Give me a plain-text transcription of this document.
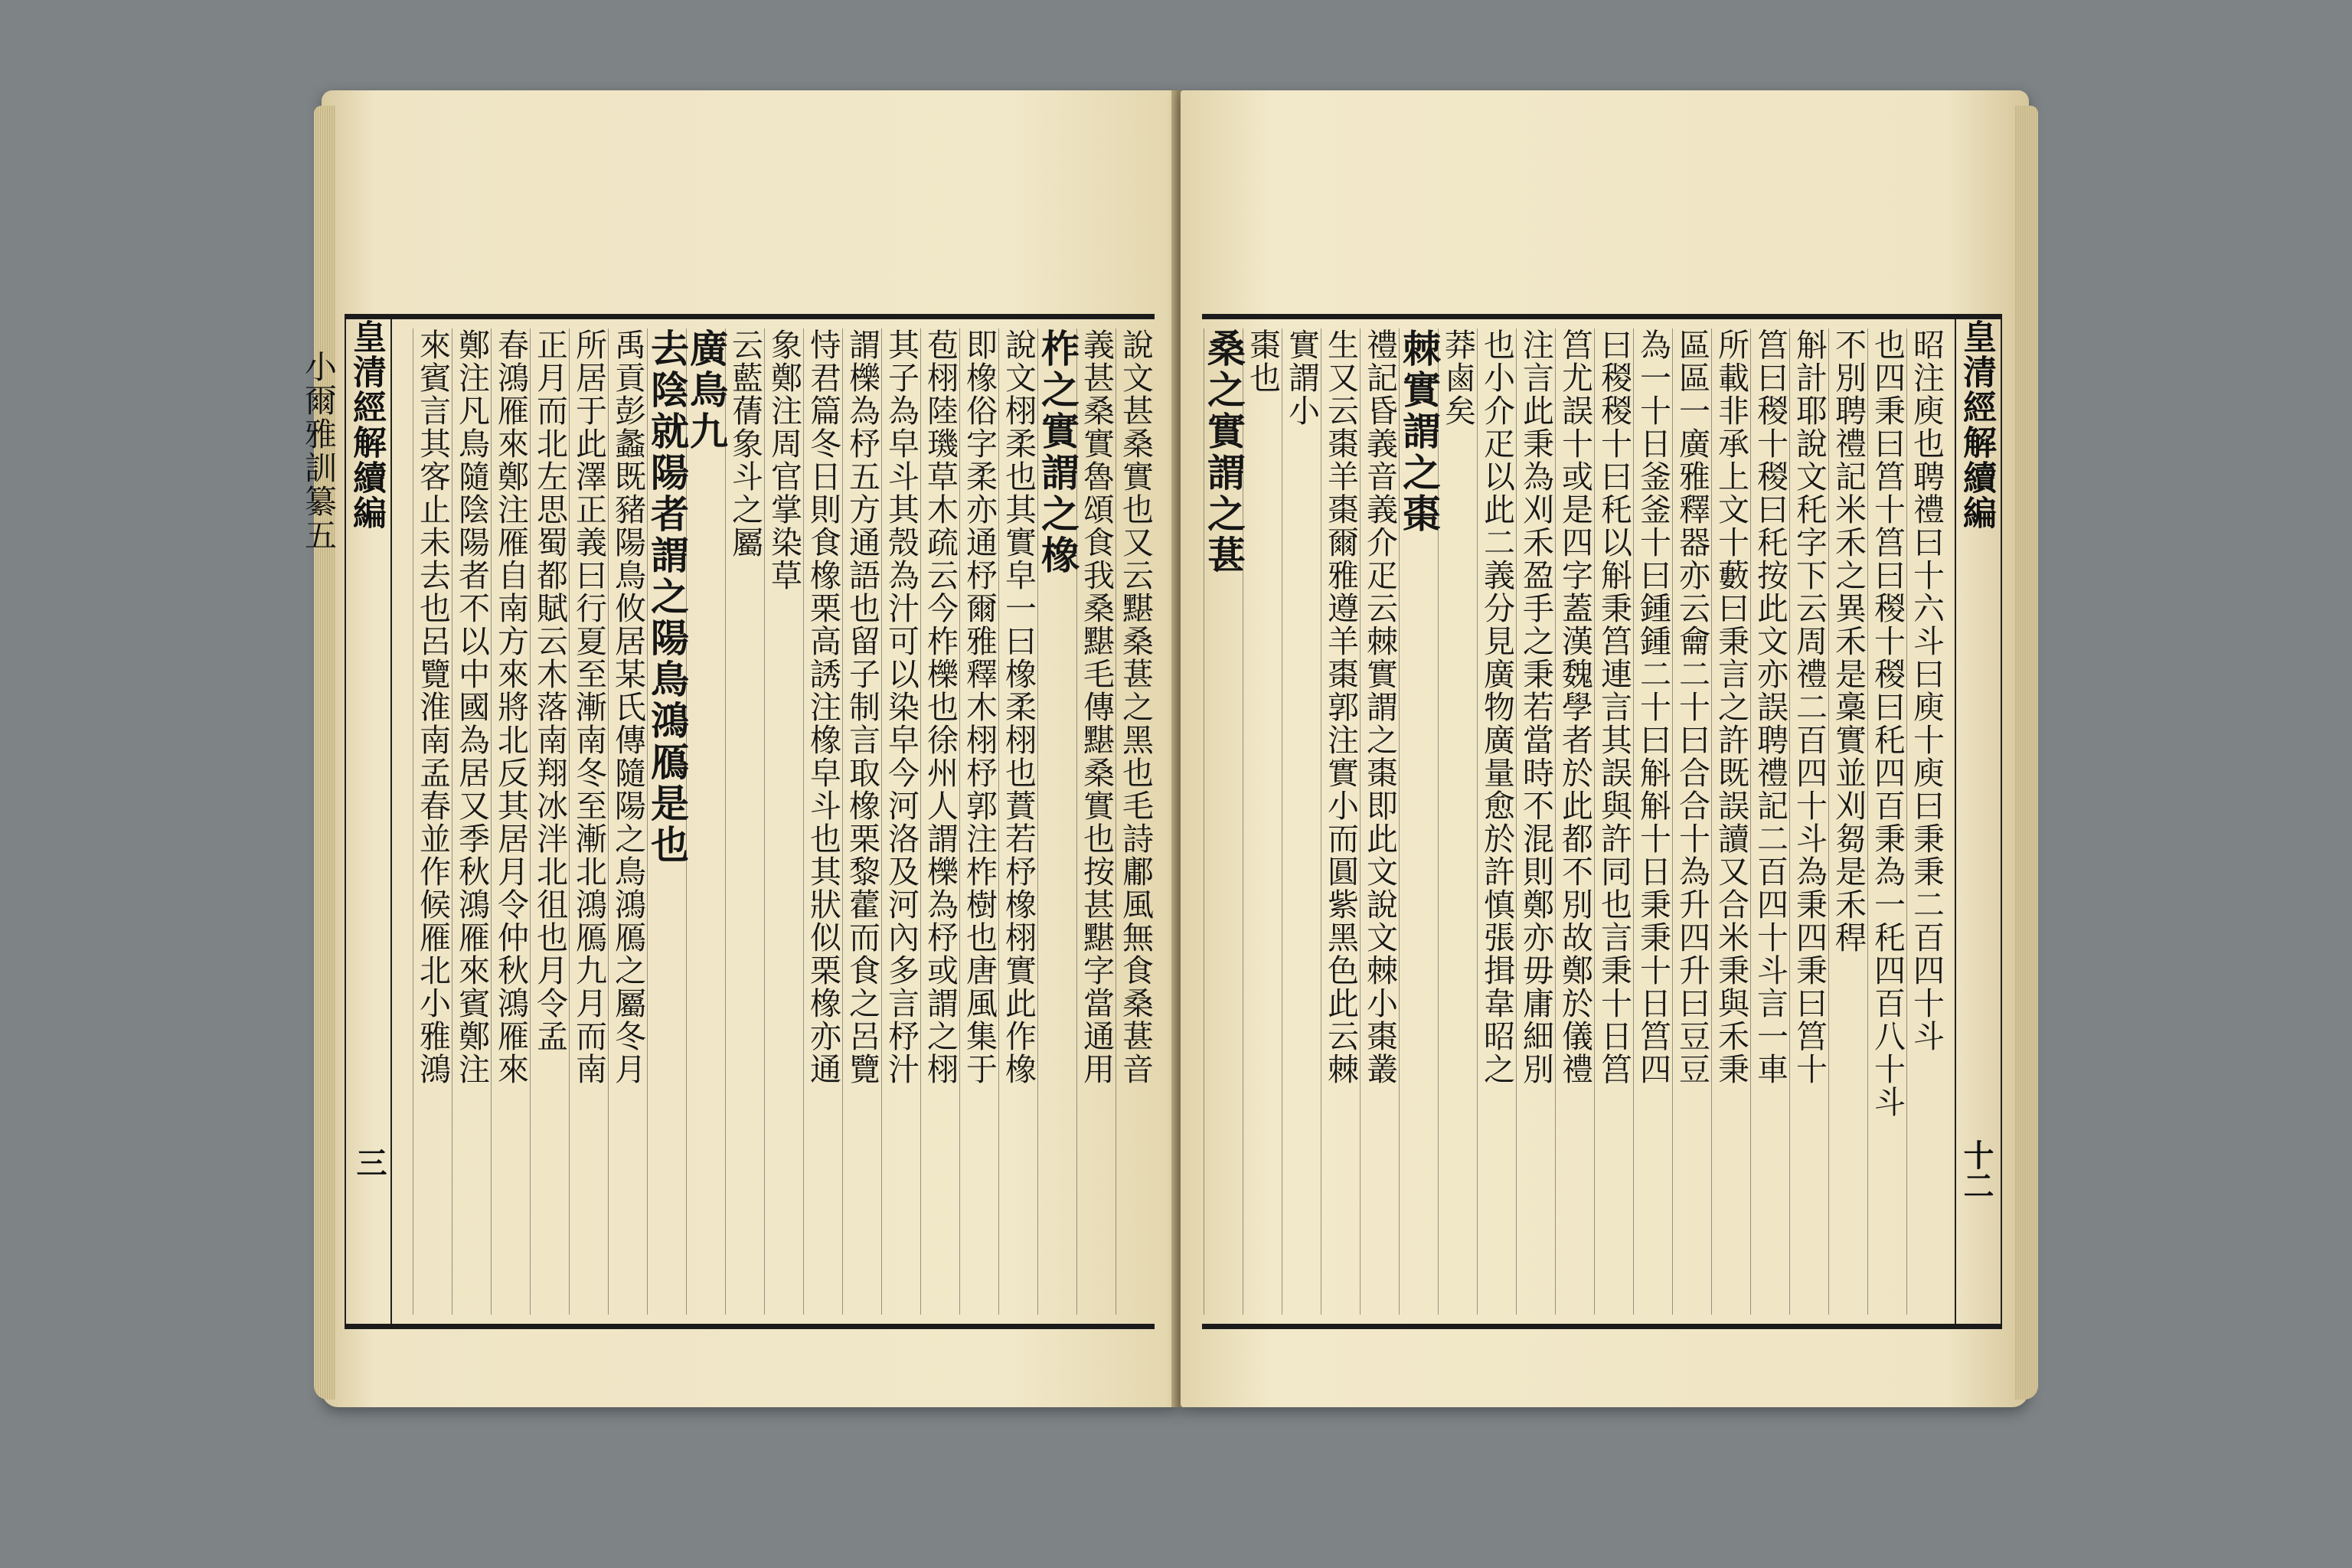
說文甚桑實也又云黮桑葚之黑也毛詩鄘風無食桑葚音
義甚桑實魯頌食我桑黮毛傳黮桑實也按甚黮字當通用
柞之實謂之橡
說文栩柔也其實皁一曰橡柔栩也蕡若杼橡栩實此作橡
即橡俗字柔亦通杼爾雅釋木栩杼郭注柞樹也唐風集于
苞栩陸璣草木疏云今柞櫟也徐州人謂櫟為杼或謂之栩
其子為皁斗其殼為汁可以染皁今河洛及河內多言杼汁
謂櫟為杼五方通語也留子制言取橡栗黎藿而食之呂覽
恃君篇冬日則食橡栗高誘注橡皁斗也其狀似栗橡亦通
象鄭注周官掌染草
云藍蒨象斗之屬
廣鳥九
去陰就陽者謂之陽鳥鴻鴈是也
禹貢彭蠡既豬陽鳥攸居某氏傳隨陽之鳥鴻鴈之屬冬月
所居于此澤正義曰行夏至漸南冬至漸北鴻鴈九月而南
正月而北左思蜀都賦云木落南翔冰泮北徂也月令孟
春鴻雁來鄭注雁自南方來將北反其居月令仲秋鴻雁來
鄭注凡鳥隨陰陽者不以中國為居又季秋鴻雁來賓鄭注
來賓言其客止未去也呂覽淮南孟春並作候雁北小雅鴻
皇清經解續編
小爾雅訓纂五
三
昭注庾也聘禮曰十六斗曰庾十庾曰秉秉二百四十斗
也四秉曰筥十筥曰稯十稯曰秅四百秉為一秅四百八十斗
不別聘禮記米禾之異禾是稾實並刈芻是禾稈
斛計耶說文秅字下云周禮二百四十斗為秉四秉曰筥十
筥曰稯十稯曰秅按此文亦誤聘禮記二百四十斗言一車
所載非承上文十藪曰秉言之許既誤讀又合米秉與禾秉
區區一廣雅釋器亦云龠二十曰合合十為升四升曰豆豆
為一十日釜釜十曰鍾鍾二十曰斛斛十日秉秉十日筥四
曰稯稯十曰秅以斛秉筥連言其誤與許同也言秉十日筥
筥尤誤十或是四字蓋漢魏學者於此都不別故鄭於儀禮
注言此秉為刈禾盈手之秉若當時不混則鄭亦毋庸細別
也小介疋以此二義分見廣物廣量愈於許慎張揖韋昭之
莽鹵矣
棘實謂之棗
禮記昏義音義介疋云棘實謂之棗即此文說文棘小棗叢
生又云棗羊棗爾雅遵羊棗郭注實小而圓紫黑色此云棘
實謂小
棗也
桑之實謂之葚	皇清經解續編
十二
